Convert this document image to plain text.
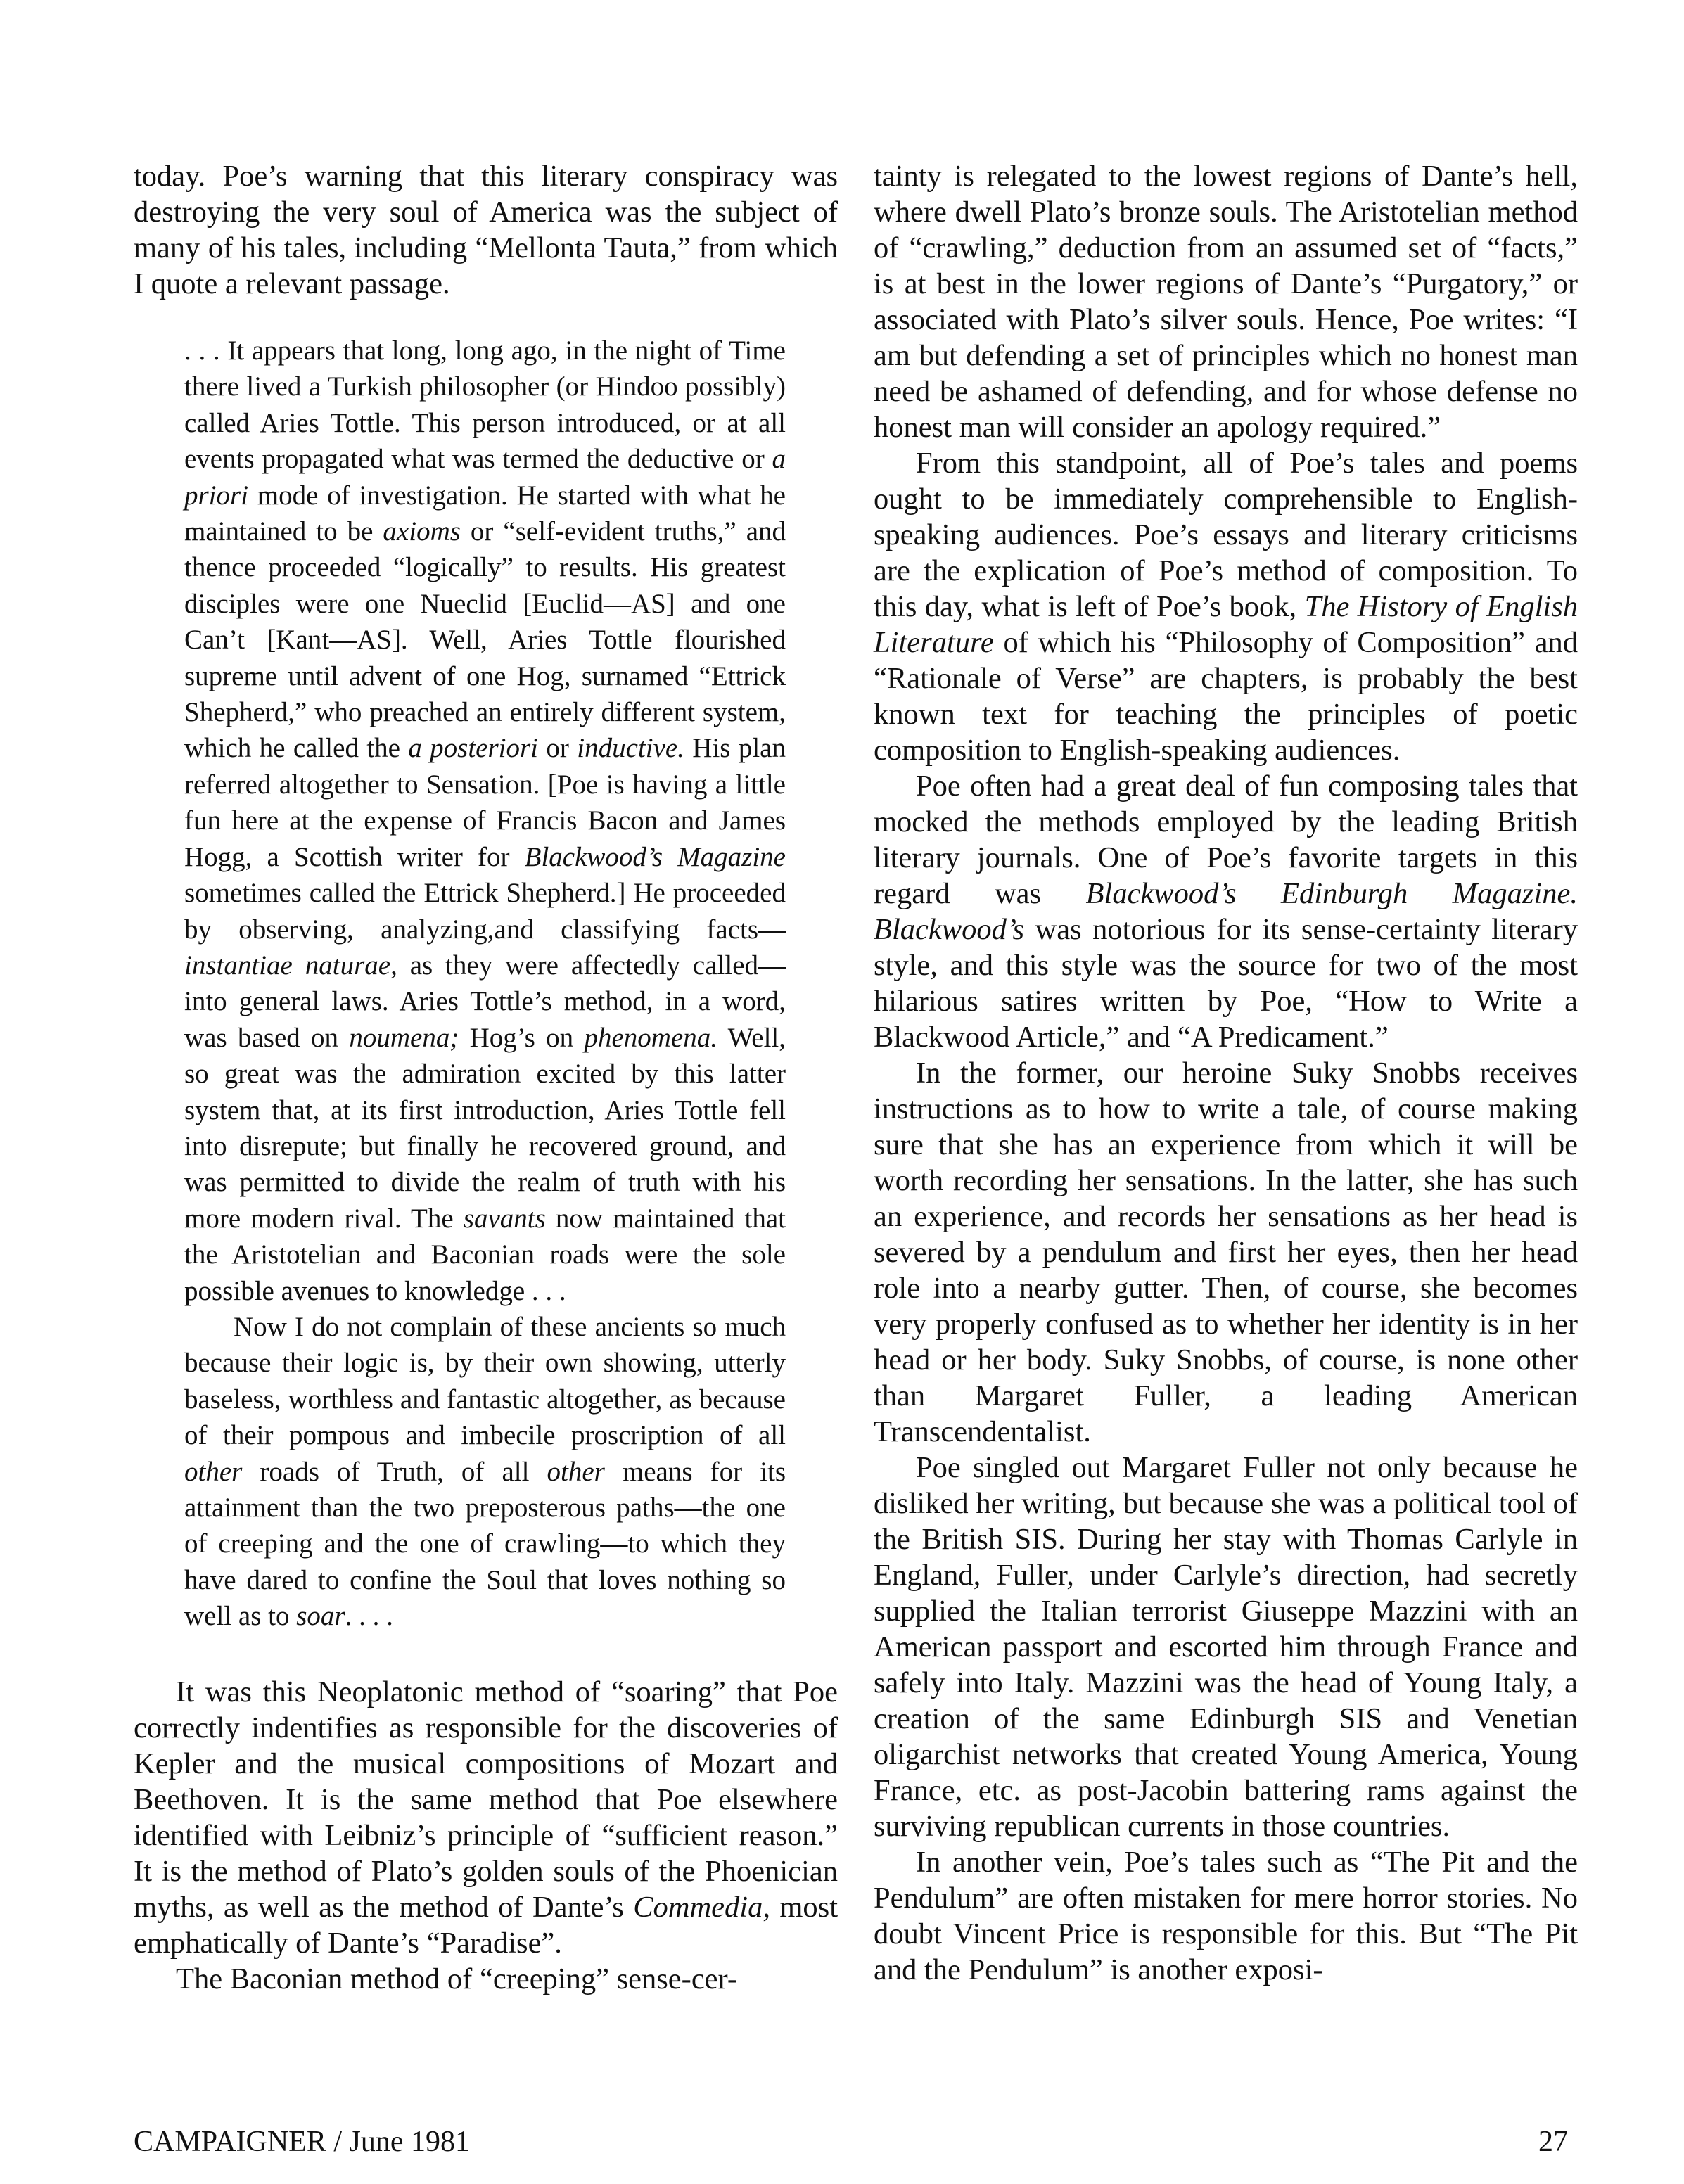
today. Poe’s warning that this literary conspiracy was destroying the very soul of America was the subject of many of his tales, including “Mellonta Tauta,” from which I quote a relevant passage.

. . . It appears that long, long ago, in the night of Time there lived a Turkish philosopher (or Hindoo possibly) called Aries Tottle. This person introduced, or at all events propagated what was termed the deductive or a priori mode of investigation. He started with what he maintained to be axioms or “self-evident truths,” and thence proceeded “logically” to results. His greatest disciples were one Nueclid [Euclid—AS] and one Can’t [Kant—AS]. Well, Aries Tottle flourished supreme until advent of one Hog, surnamed “Ettrick Shepherd,” who preached an entirely different system, which he called the a posteriori or inductive. His plan referred altogether to Sensation. [Poe is having a little fun here at the expense of Francis Bacon and James Hogg, a Scottish writer for Blackwood’s Magazine sometimes called the Ettrick Shepherd.] He proceeded by observing, analyzing,and classifying facts—instantiae naturae, as they were affectedly called—into general laws. Aries Tottle’s method, in a word, was based on noumena; Hog’s on phenomena. Well, so great was the admiration excited by this latter system that, at its first introduction, Aries Tottle fell into disrepute; but finally he recovered ground, and was permitted to divide the realm of truth with his more modern rival. The savants now maintained that the Aristotelian and Baconian roads were the sole possible avenues to knowledge . . .

Now I do not complain of these ancients so much because their logic is, by their own showing, utterly baseless, worthless and fantastic altogether, as because of their pompous and imbecile proscription of all other roads of Truth, of all other means for its attainment than the two preposterous paths—the one of creeping and the one of crawling—to which they have dared to confine the Soul that loves nothing so well as to soar. . . .

It was this Neoplatonic method of “soaring” that Poe correctly indentifies as responsible for the discoveries of Kepler and the musical compositions of Mozart and Beethoven. It is the same method that Poe elsewhere identified with Leibniz’s principle of “sufficient reason.” It is the method of Plato’s golden souls of the Phoenician myths, as well as the method of Dante’s Commedia, most emphatically of Dante’s “Paradise”.

The Baconian method of “creeping” sense-cer-

tainty is relegated to the lowest regions of Dante’s hell, where dwell Plato’s bronze souls. The Aristotelian method of “crawling,” deduction from an assumed set of “facts,” is at best in the lower regions of Dante’s “Purgatory,” or associated with Plato’s silver souls. Hence, Poe writes: “I am but defending a set of principles which no honest man need be ashamed of defending, and for whose defense no honest man will consider an apology required.”

From this standpoint, all of Poe’s tales and poems ought to be immediately comprehensible to English-speaking audiences. Poe’s essays and literary criticisms are the explication of Poe’s method of composition. To this day, what is left of Poe’s book, The History of English Literature of which his “Philosophy of Composition” and “Rationale of Verse” are chapters, is probably the best known text for teaching the principles of poetic composition to English-speaking audiences.

Poe often had a great deal of fun composing tales that mocked the methods employed by the leading British literary journals. One of Poe’s favorite targets in this regard was Blackwood’s Edinburgh Magazine. Blackwood’s was notorious for its sense-certainty literary style, and this style was the source for two of the most hilarious satires written by Poe, “How to Write a Blackwood Article,” and “A Predicament.”

In the former, our heroine Suky Snobbs receives instructions as to how to write a tale, of course making sure that she has an experience from which it will be worth recording her sensations. In the latter, she has such an experience, and records her sensations as her head is severed by a pendulum and first her eyes, then her head role into a nearby gutter. Then, of course, she becomes very properly confused as to whether her identity is in her head or her body. Suky Snobbs, of course, is none other than Margaret Fuller, a leading American Transcendentalist.

Poe singled out Margaret Fuller not only because he disliked her writing, but because she was a political tool of the British SIS. During her stay with Thomas Carlyle in England, Fuller, under Carlyle’s direction, had secretly supplied the Italian terrorist Giuseppe Mazzini with an American passport and escorted him through France and safely into Italy. Mazzini was the head of Young Italy, a creation of the same Edinburgh SIS and Venetian oligarchist networks that created Young America, Young France, etc. as post-Jacobin battering rams against the surviving republican currents in those countries.

In another vein, Poe’s tales such as “The Pit and the Pendulum” are often mistaken for mere horror stories. No doubt Vincent Price is responsible for this. But “The Pit and the Pendulum” is another exposi-

CAMPAIGNER / June 1981	27
